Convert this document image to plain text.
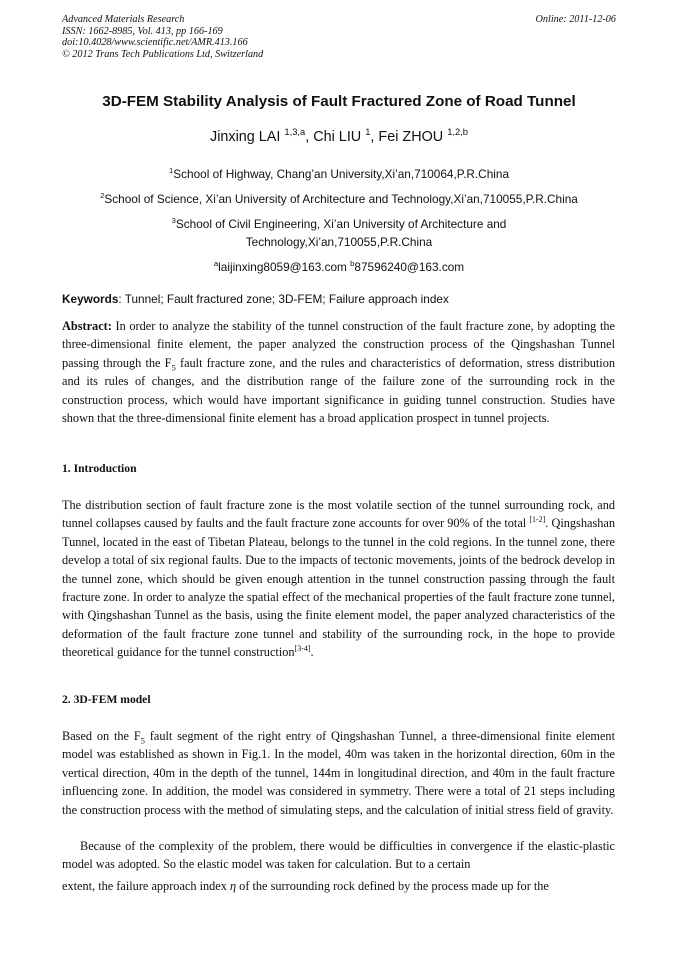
Advanced Materials Research
ISSN: 1662-8985, Vol. 413, pp 166-169
doi:10.4028/www.scientific.net/AMR.413.166
© 2012 Trans Tech Publications Ltd, Switzerland
Online: 2011-12-06
3D-FEM Stability Analysis of Fault Fractured Zone of Road Tunnel
Jinxing LAI $^{1,3,a}$, Chi LIU $^1$, Fei ZHOU $^{1,2,b}$
$^1$School of Highway, Chang’an University,Xi’an,710064,P.R.China
$^2$School of Science, Xi’an University of Architecture and Technology,Xi’an,710055,P.R.China
$^3$School of Civil Engineering, Xi’an University of Architecture and
Technology,Xi’an,710055,P.R.China
$^a$laijinxing8059@163.com $^b$87596240@163.com
Keywords: Tunnel; Fault fractured zone; 3D-FEM; Failure approach index
Abstract: In order to analyze the stability of the tunnel construction of the fault fracture zone, by adopting the three-dimensional finite element, the paper analyzed the construction process of the Qingshashan Tunnel passing through the $F_5$ fault fracture zone, and the rules and characteristics of deformation, stress distribution and its rules of changes, and the distribution range of the failure zone of the surrounding rock in the construction process, which would have important significance in guiding tunnel construction. Studies have shown that the three-dimensional finite element has a broad application prospect in tunnel projects.
1. Introduction
The distribution section of fault fracture zone is the most volatile section of the tunnel surrounding rock, and tunnel collapses caused by faults and the fault fracture zone accounts for over 90% of the total [1-2]. Qingshashan Tunnel, located in the east of Tibetan Plateau, belongs to the tunnel in the cold regions. In the tunnel zone, there develop a total of six regional faults. Due to the impacts of tectonic movements, joints of the bedrock develop in the tunnel zone, which should be given enough attention in the tunnel construction passing through the fault fracture zone. In order to analyze the spatial effect of the mechanical properties of the fault fracture zone tunnel, with Qingshashan Tunnel as the basis, using the finite element model, the paper analyzed characteristics of the deformation of the fault fracture zone tunnel and stability of the surrounding rock, in the hope to provide theoretical guidance for the tunnel construction[3-4].
2. 3D-FEM model
Based on the $F_5$ fault segment of the right entry of Qingshashan Tunnel, a three-dimensional finite element model was established as shown in Fig.1. In the model, 40m was taken in the horizontal direction, 60m in the vertical direction, 40m in the depth of the tunnel, 144m in longitudinal direction, and 40m in the fault fracture influencing zone. In addition, the model was considered in symmetry. There were a total of 21 steps including the construction process with the method of simulating steps, and the calculation of initial stress field of gravity.
Because of the complexity of the problem, there would be difficulties in convergence if the elastic-plastic model was adopted. So the elastic model was taken for calculation. But to a certain
extent, the failure approach index η of the surrounding rock defined by the process made up for the
